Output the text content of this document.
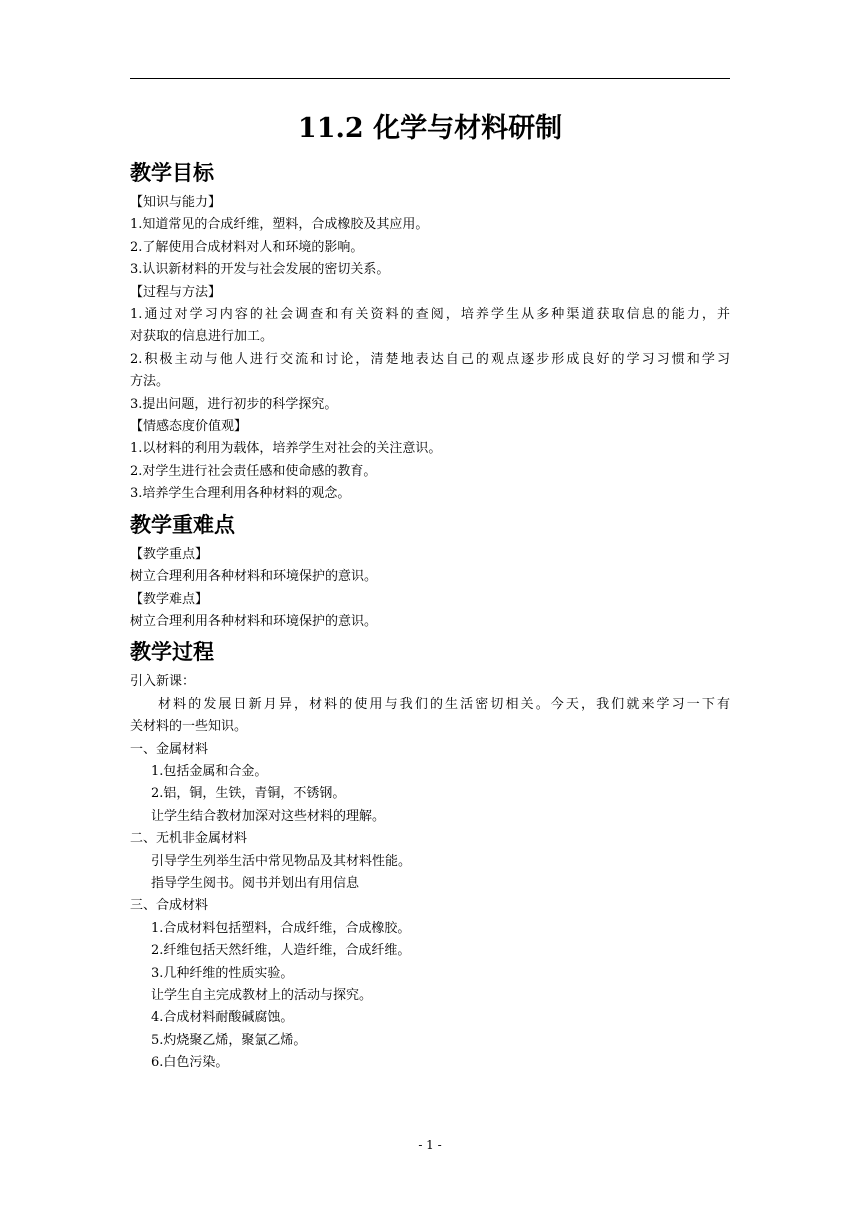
11.2 化学与材料研制
教学目标

【知识与能力】

1.知道常见的合成纤维，塑料，合成橡胶及其应用。

2.了解使用合成材料对人和环境的影响。

3.认识新材料的开发与社会发展的密切关系。

【过程与方法】

1.通过对学习内容的社会调查和有关资料的查阅，培养学生从多种渠道获取信息的能力，并

对获取的信息进行加工。

2.积极主动与他人进行交流和讨论，清楚地表达自己的观点逐步形成良好的学习习惯和学习

方法。

3.提出问题，进行初步的科学探究。

【情感态度价值观】

1.以材料的利用为载体，培养学生对社会的关注意识。

2.对学生进行社会责任感和使命感的教育。

3.培养学生合理利用各种材料的观念。

教学重难点

【教学重点】

树立合理利用各种材料和环境保护的意识。

【教学难点】

树立合理利用各种材料和环境保护的意识。

教学过程

引入新课：

材料的发展日新月异，材料的使用与我们的生活密切相关。今天，我们就来学习一下有

关材料的一些知识。

一、金属材料

1.包括金属和合金。

2.铝，铜，生铁，青铜，不锈钢。

让学生结合教材加深对这些材料的理解。

二、无机非金属材料

引导学生列举生活中常见物品及其材料性能。

指导学生阅书。阅书并划出有用信息

三、合成材料

1.合成材料包括塑料，合成纤维，合成橡胶。

2.纤维包括天然纤维，人造纤维，合成纤维。

3.几种纤维的性质实验。

让学生自主完成教材上的活动与探究。

4.合成材料耐酸碱腐蚀。

5.灼烧聚乙烯，聚氯乙烯。

6.白色污染。

- 1 -
